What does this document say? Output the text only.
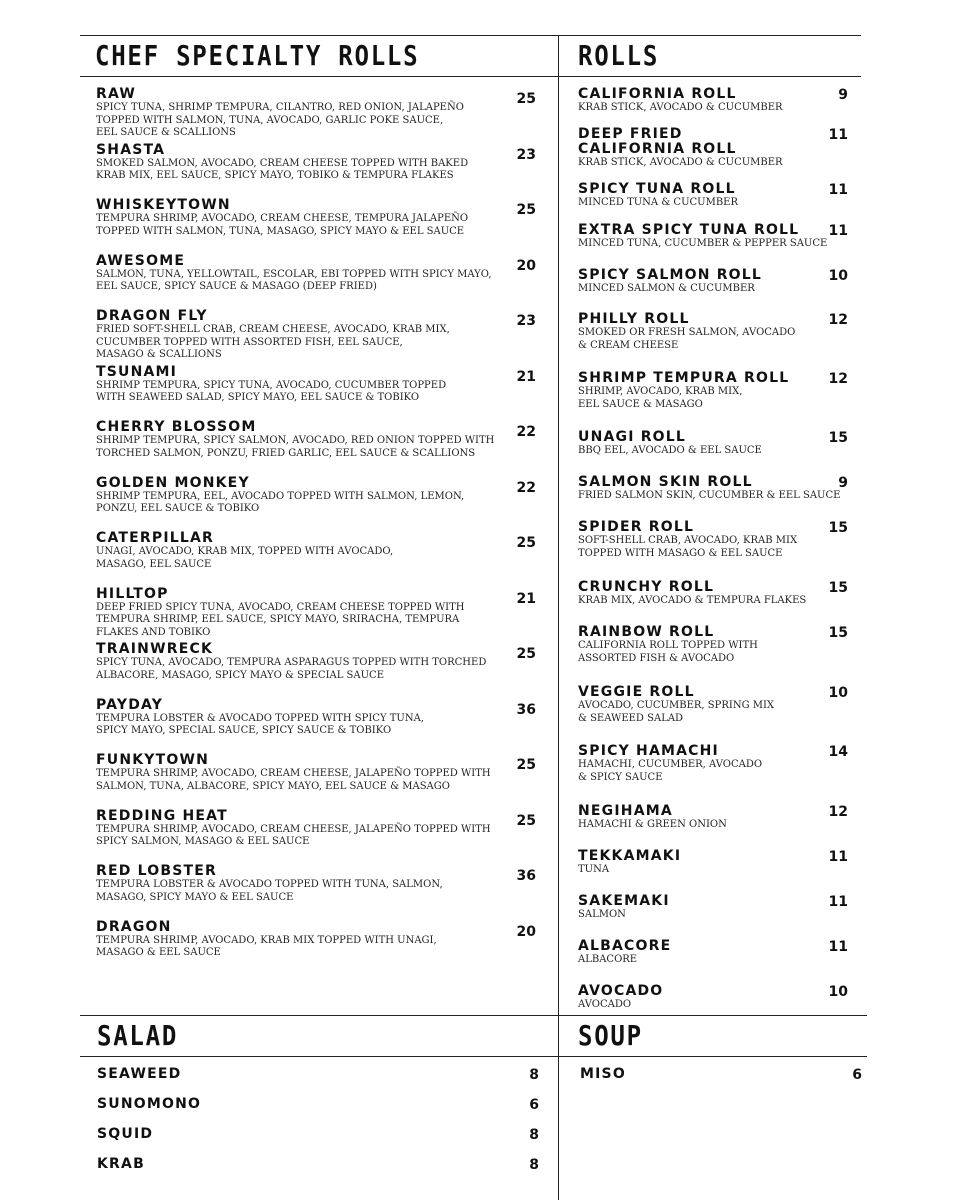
CHEF SPECIALTY ROLLS	ROLLS
SALAD	SOUP
RAW
SPICY TUNA, SHRIMP TEMPURA, CILANTRO, RED ONION, JALAPEÑO
TOPPED WITH SALMON, TUNA, AVOCADO, GARLIC POKE SAUCE,
EEL SAUCE & SCALLIONS
25
SHASTA
SMOKED SALMON, AVOCADO, CREAM CHEESE TOPPED WITH BAKED
KRAB MIX, EEL SAUCE, SPICY MAYO, TOBIKO & TEMPURA FLAKES
23
WHISKEYTOWN
TEMPURA SHRIMP, AVOCADO, CREAM CHEESE, TEMPURA JALAPEÑO
TOPPED WITH SALMON, TUNA, MASAGO, SPICY MAYO & EEL SAUCE
25
AWESOME
SALMON, TUNA, YELLOWTAIL, ESCOLAR, EBI TOPPED WITH SPICY MAYO,
EEL SAUCE, SPICY SAUCE & MASAGO (DEEP FRIED)
20
DRAGON FLY
FRIED SOFT-SHELL CRAB, CREAM CHEESE, AVOCADO, KRAB MIX,
CUCUMBER TOPPED WITH ASSORTED FISH, EEL SAUCE,
MASAGO & SCALLIONS
23
TSUNAMI
SHRIMP TEMPURA, SPICY TUNA, AVOCADO, CUCUMBER TOPPED
WITH SEAWEED SALAD, SPICY MAYO, EEL SAUCE & TOBIKO
21
CHERRY BLOSSOM
SHRIMP TEMPURA, SPICY SALMON, AVOCADO, RED ONION TOPPED WITH
TORCHED SALMON, PONZU, FRIED GARLIC, EEL SAUCE & SCALLIONS
22
GOLDEN MONKEY
SHRIMP TEMPURA, EEL, AVOCADO TOPPED WITH SALMON, LEMON,
PONZU, EEL SAUCE & TOBIKO
22
CATERPILLAR
UNAGI, AVOCADO, KRAB MIX, TOPPED WITH AVOCADO,
MASAGO, EEL SAUCE
25
HILLTOP
DEEP FRIED SPICY TUNA, AVOCADO, CREAM CHEESE TOPPED WITH
TEMPURA SHRIMP, EEL SAUCE, SPICY MAYO, SRIRACHA, TEMPURA
FLAKES AND TOBIKO
21
TRAINWRECK
SPICY TUNA, AVOCADO, TEMPURA ASPARAGUS TOPPED WITH TORCHED
ALBACORE, MASAGO, SPICY MAYO & SPECIAL SAUCE
25
PAYDAY
TEMPURA LOBSTER & AVOCADO TOPPED WITH SPICY TUNA,
SPICY MAYO, SPECIAL SAUCE, SPICY SAUCE & TOBIKO
36
FUNKYTOWN
TEMPURA SHRIMP, AVOCADO, CREAM CHEESE, JALAPEÑO TOPPED WITH
SALMON, TUNA, ALBACORE, SPICY MAYO, EEL SAUCE & MASAGO
25
REDDING HEAT
TEMPURA SHRIMP, AVOCADO, CREAM CHEESE, JALAPEÑO TOPPED WITH
SPICY SALMON, MASAGO & EEL SAUCE
25
RED LOBSTER
TEMPURA LOBSTER & AVOCADO TOPPED WITH TUNA, SALMON,
MASAGO, SPICY MAYO & EEL SAUCE
36
DRAGON
TEMPURA SHRIMP, AVOCADO, KRAB MIX TOPPED WITH UNAGI,
MASAGO & EEL SAUCE
20
CALIFORNIA ROLL
KRAB STICK, AVOCADO & CUCUMBER
9
DEEP FRIED
CALIFORNIA ROLL
KRAB STICK, AVOCADO & CUCUMBER
11
SPICY TUNA ROLL
MINCED TUNA & CUCUMBER
11
EXTRA SPICY TUNA ROLL
MINCED TUNA, CUCUMBER & PEPPER SAUCE
11
SPICY SALMON ROLL
MINCED SALMON & CUCUMBER
10
PHILLY ROLL
SMOKED OR FRESH SALMON, AVOCADO
& CREAM CHEESE
12
SHRIMP TEMPURA ROLL
SHRIMP, AVOCADO, KRAB MIX,
EEL SAUCE & MASAGO
12
UNAGI ROLL
BBQ EEL, AVOCADO & EEL SAUCE
15
SALMON SKIN ROLL
FRIED SALMON SKIN, CUCUMBER & EEL SAUCE
9
SPIDER ROLL
SOFT-SHELL CRAB, AVOCADO, KRAB MIX
TOPPED WITH MASAGO & EEL SAUCE
15
CRUNCHY ROLL
KRAB MIX, AVOCADO & TEMPURA FLAKES
15
RAINBOW ROLL
CALIFORNIA ROLL TOPPED WITH
ASSORTED FISH & AVOCADO
15
VEGGIE ROLL
AVOCADO, CUCUMBER, SPRING MIX
& SEAWEED SALAD
10
SPICY HAMACHI
HAMACHI, CUCUMBER, AVOCADO
& SPICY SAUCE
14
NEGIHAMA
HAMACHI & GREEN ONION
12
TEKKAMAKI
TUNA
11
SAKEMAKI
SALMON
11
ALBACORE
ALBACORE
11
AVOCADO
AVOCADO
10
SEAWEED	8
SUNOMONO	6
SQUID	8
KRAB	8
MISO	6
